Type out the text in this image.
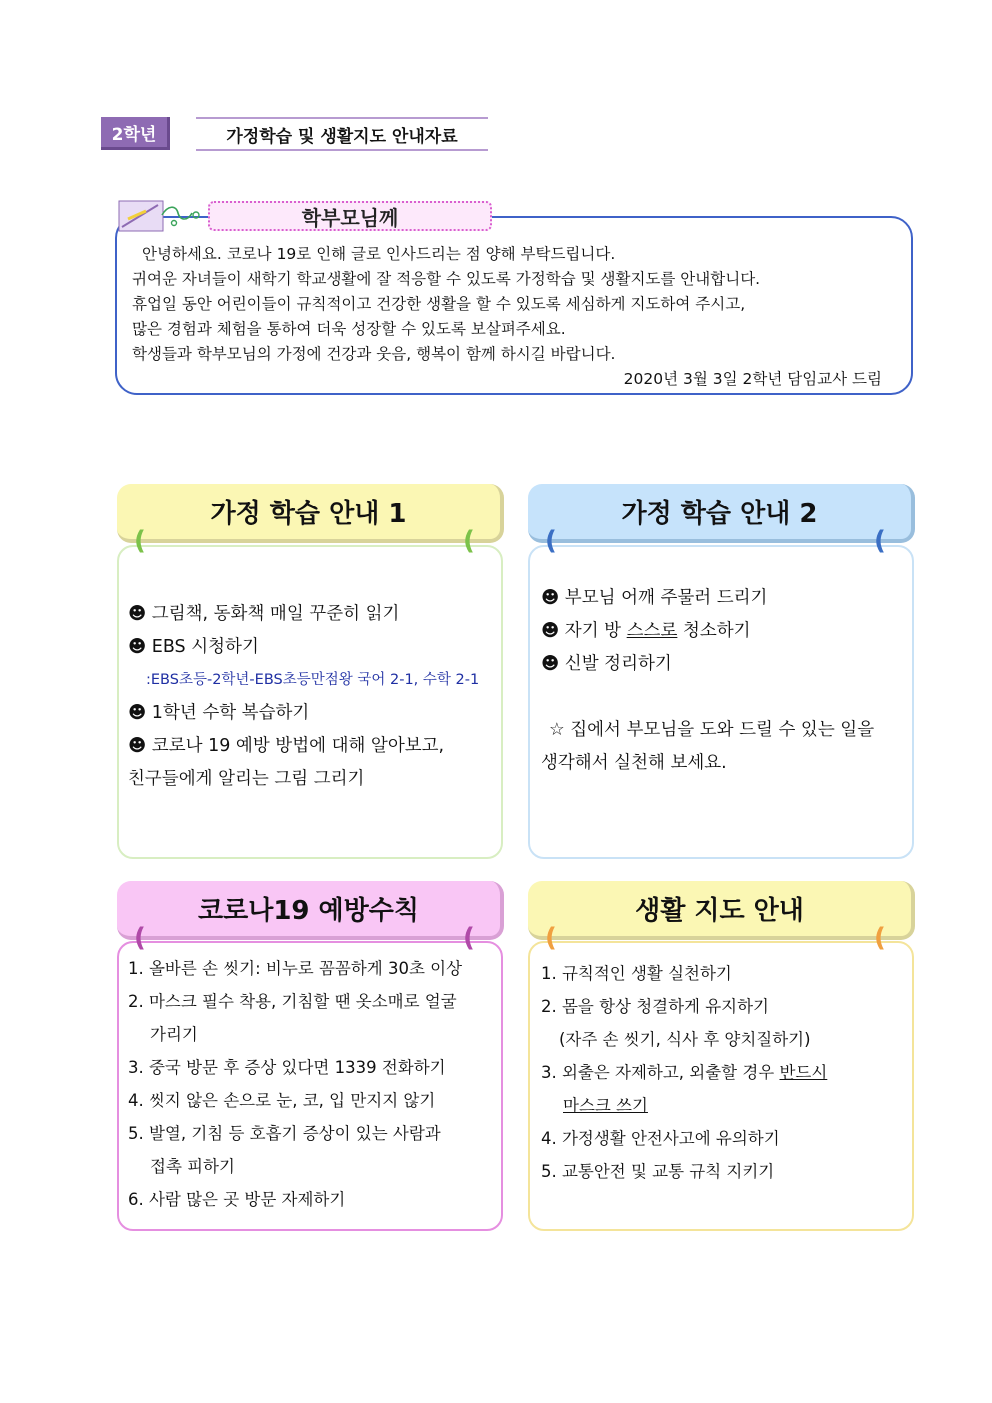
2학년	가정학습 및 생활지도 안내자료
학부모님께
안녕하세요. 코로나 19로 인해 글로 인사드리는 점 양해 부탁드립니다.
귀여운 자녀들이 새학기 학교생활에 잘 적응할 수 있도록 가정학습 및 생활지도를 안내합니다.
휴업일 동안 어린이들이 규칙적이고 건강한 생활을 할 수 있도록 세심하게 지도하여 주시고,
많은 경험과 체험을 통하여 더욱 성장할 수 있도록 보살펴주세요.
학생들과 학부모님의 가정에 건강과 웃음, 행복이 함께 하시길 바랍니다.
2020년 3월 3일 2학년 담임교사 드림
가정 학습 안내 1
(	(
☻ 그림책, 동화책 매일 꾸준히 읽기
☻ EBS 시청하기
:EBS초등-2학년-EBS초등만점왕 국어 2-1, 수학 2-1
☻ 1학년 수학 복습하기
☻ 코로나 19 예방 방법에 대해 알아보고,
친구들에게 알리는 그림 그리기
가정 학습 안내 2
(	(
☻ 부모님 어깨 주물러 드리기
☻ 자기 방 스스로 청소하기
☻ 신발 정리하기
☆ 집에서 부모님을 도와 드릴 수 있는 일을
생각해서 실천해 보세요.
코로나19 예방수칙
(	(
1. 올바른 손 씻기: 비누로 꼼꼼하게 30초 이상
2. 마스크 필수 착용, 기침할 땐 옷소매로 얼굴
가리기
3. 중국 방문 후 증상 있다면 1339 전화하기
4. 씻지 않은 손으로 눈, 코, 입 만지지 않기
5. 발열, 기침 등 호흡기 증상이 있는 사람과
접촉 피하기
6. 사람 많은 곳 방문 자제하기
생활 지도 안내
(	(
1. 규칙적인 생활 실천하기
2. 몸을 항상 청결하게 유지하기
(자주 손 씻기, 식사 후 양치질하기)
3. 외출은 자제하고, 외출할 경우 반드시
마스크 쓰기
4. 가정생활 안전사고에 유의하기
5. 교통안전 및 교통 규칙 지키기
